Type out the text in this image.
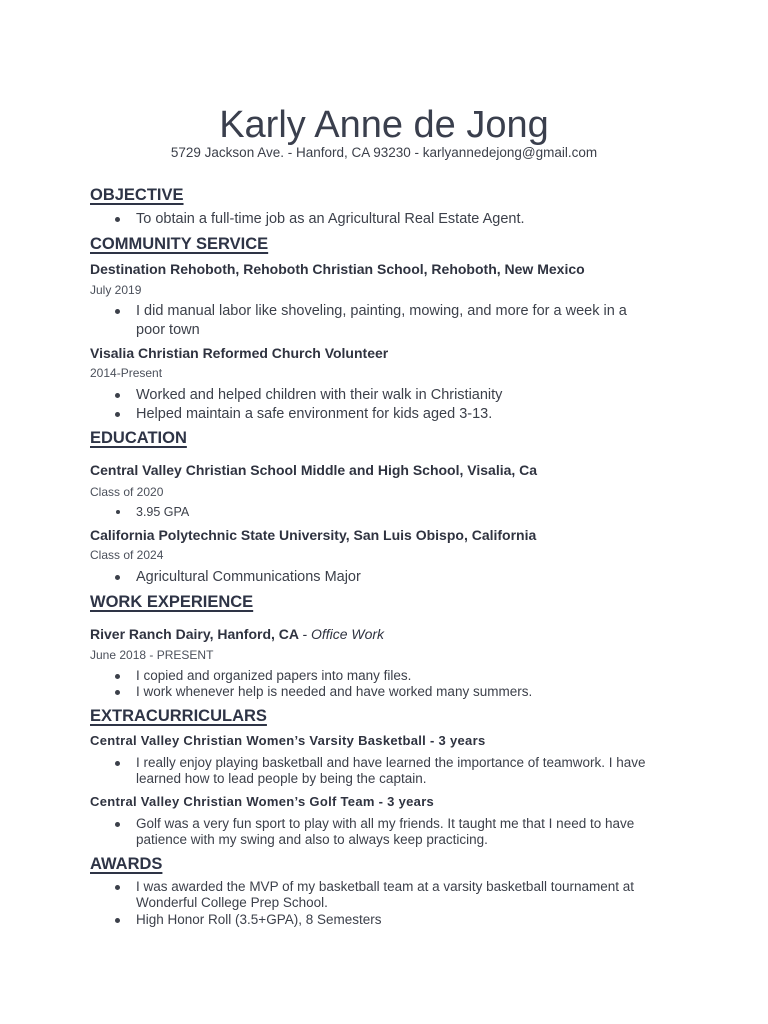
Karly Anne de Jong
5729 Jackson Ave. - Hanford, CA 93230 - karlyannedejong@gmail.com
OBJECTIVE
To obtain a full-time job as an Agricultural Real Estate Agent.
COMMUNITY SERVICE
Destination Rehoboth, Rehoboth Christian School, Rehoboth, New Mexico
July 2019
I did manual labor like shoveling, painting, mowing, and more for a week in a
poor town
Visalia Christian Reformed Church Volunteer
2014-Present
Worked and helped children with their walk in Christianity
Helped maintain a safe environment for kids aged 3-13.
EDUCATION
Central Valley Christian School Middle and High School, Visalia, Ca
Class of 2020
3.95 GPA
California Polytechnic State University, San Luis Obispo, California
Class of 2024
Agricultural Communications Major
WORK EXPERIENCE
River Ranch Dairy, Hanford, CA - Office Work
June 2018 - PRESENT
I copied and organized papers into many files.
I work whenever help is needed and have worked many summers.
EXTRACURRICULARS
Central Valley Christian Women’s Varsity Basketball - 3 years
I really enjoy playing basketball and have learned the importance of teamwork. I have
learned how to lead people by being the captain.
Central Valley Christian Women’s Golf Team - 3 years
Golf was a very fun sport to play with all my friends. It taught me that I need to have
patience with my swing and also to always keep practicing.
AWARDS
I was awarded the MVP of my basketball team at a varsity basketball tournament at
Wonderful College Prep School.
High Honor Roll (3.5+GPA), 8 Semesters
